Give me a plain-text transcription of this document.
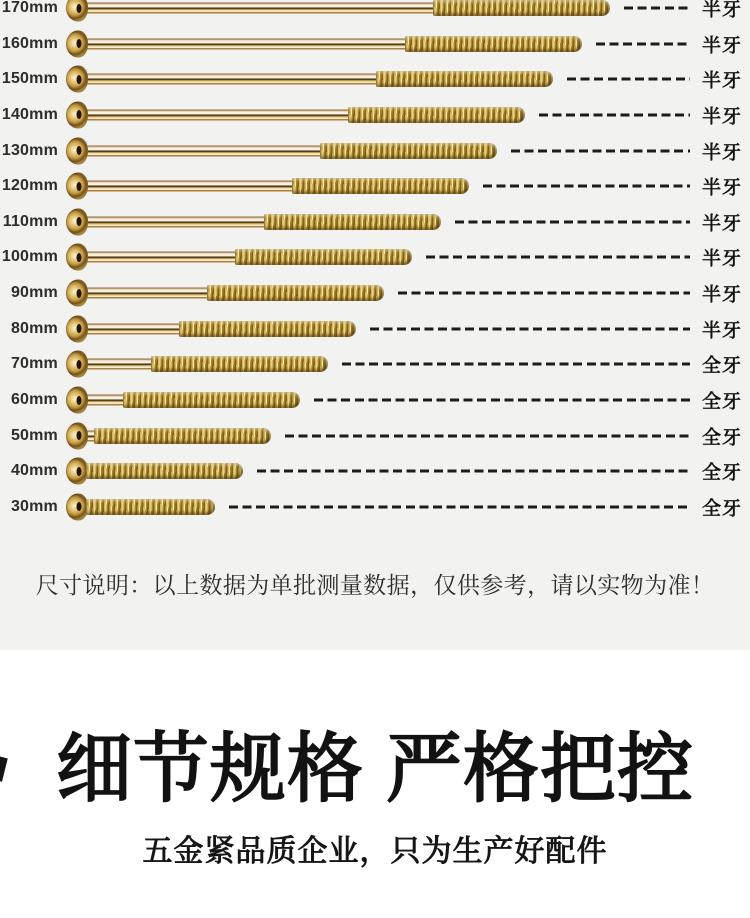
170mm	半牙
160mm	半牙
150mm	半牙
140mm	半牙
130mm	半牙
120mm	半牙
110mm	半牙
100mm	半牙
90mm	半牙
80mm	半牙
70mm	全牙
60mm	全牙
50mm	全牙
40mm	全牙
30mm	全牙
尺寸说明：以上数据为单批测量数据，仅供参考，请以实物为准！
细节规格 严格把控
五金紧品质企业，只为生产好配件
